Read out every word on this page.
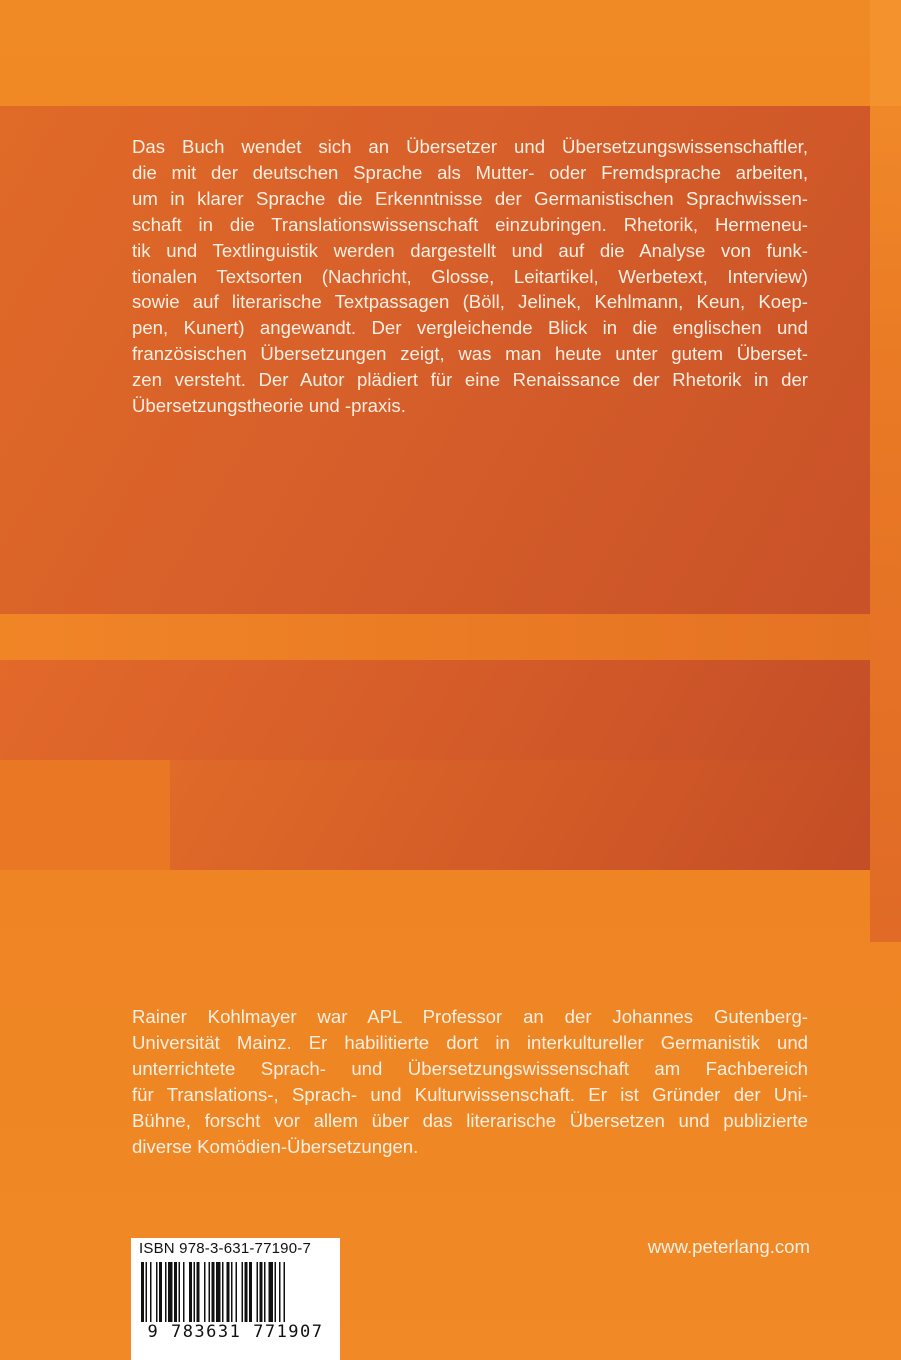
Das Buch wendet sich an Übersetzer und Übersetzungswissenschaftler,
die mit der deutschen Sprache als Mutter- oder Fremdsprache arbeiten,
um in klarer Sprache die Erkenntnisse der Germanistischen Sprachwissen-
schaft in die Translationswissenschaft einzubringen. Rhetorik, Hermeneu-
tik und Textlinguistik werden dargestellt und auf die Analyse von funk-
tionalen Textsorten (Nachricht, Glosse, Leitartikel, Werbetext, Interview)
sowie auf literarische Textpassagen (Böll, Jelinek, Kehlmann, Keun, Koep-
pen, Kunert) angewandt. Der vergleichende Blick in die englischen und
französischen Übersetzungen zeigt, was man heute unter gutem Überset-
zen versteht. Der Autor plädiert für eine Renaissance der Rhetorik in der
Übersetzungstheorie und -praxis.
Rainer Kohlmayer war APL Professor an der Johannes Gutenberg-
Universität Mainz. Er habilitierte dort in interkultureller Germanistik und
unterrichtete Sprach- und Übersetzungswissenschaft am Fachbereich
für Translations-, Sprach- und Kulturwissenschaft. Er ist Gründer der Uni-
Bühne, forscht vor allem über das literarische Übersetzen und publizierte
diverse Komödien-Übersetzungen.
www.peterlang.com
ISBN 978-3-631-77190-7
9 783631 771907
